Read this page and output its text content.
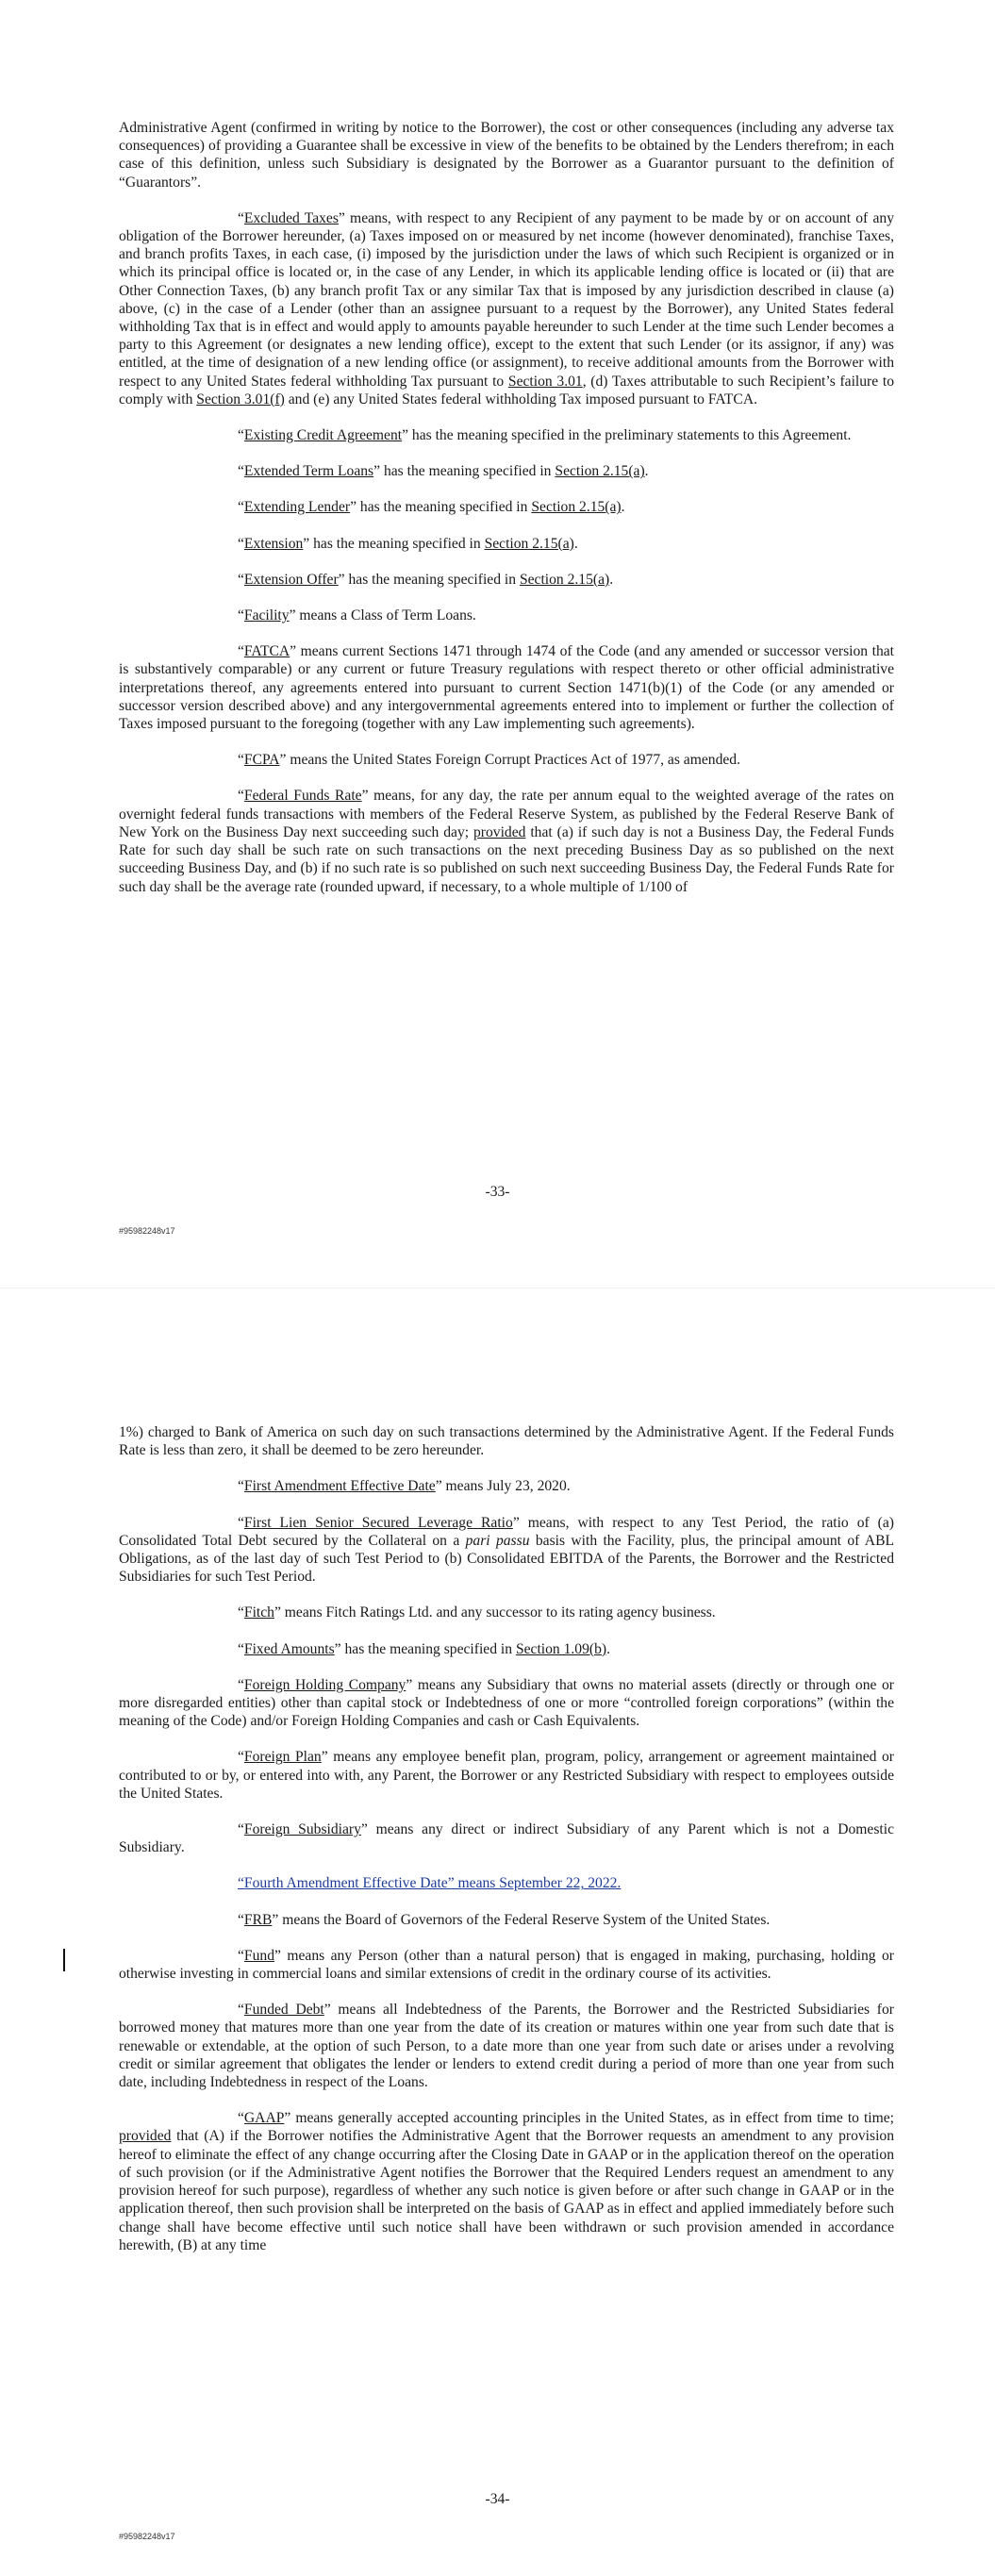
Administrative Agent (confirmed in writing by notice to the Borrower), the cost or other consequences (including any adverse tax consequences) of providing a Guarantee shall be excessive in view of the benefits to be obtained by the Lenders therefrom; in each case of this definition, unless such Subsidiary is designated by the Borrower as a Guarantor pursuant to the definition of “Guarantors”.

“Excluded Taxes” means, with respect to any Recipient of any payment to be made by or on account of any obligation of the Borrower hereunder, (a) Taxes imposed on or measured by net income (however denominated), franchise Taxes, and branch profits Taxes, in each case, (i) imposed by the jurisdiction under the laws of which such Recipient is organized or in which its principal office is located or, in the case of any Lender, in which its applicable lending office is located or (ii) that are Other Connection Taxes, (b) any branch profit Tax or any similar Tax that is imposed by any jurisdiction described in clause (a) above, (c) in the case of a Lender (other than an assignee pursuant to a request by the Borrower), any United States federal withholding Tax that is in effect and would apply to amounts payable hereunder to such Lender at the time such Lender becomes a party to this Agreement (or designates a new lending office), except to the extent that such Lender (or its assignor, if any) was entitled, at the time of designation of a new lending office (or assignment), to receive additional amounts from the Borrower with respect to any United States federal withholding Tax pursuant to Section 3.01, (d) Taxes attributable to such Recipient’s failure to comply with Section 3.01(f) and (e) any United States federal withholding Tax imposed pursuant to FATCA.

“Existing Credit Agreement” has the meaning specified in the preliminary statements to this Agreement.

“Extended Term Loans” has the meaning specified in Section 2.15(a).

“Extending Lender” has the meaning specified in Section 2.15(a).

“Extension” has the meaning specified in Section 2.15(a).

“Extension Offer” has the meaning specified in Section 2.15(a).

“Facility” means a Class of Term Loans.

“FATCA” means current Sections 1471 through 1474 of the Code (and any amended or successor version that is substantively comparable) or any current or future Treasury regulations with respect thereto or other official administrative interpretations thereof, any agreements entered into pursuant to current Section 1471(b)(1) of the Code (or any amended or successor version described above) and any intergovernmental agreements entered into to implement or further the collection of Taxes imposed pursuant to the foregoing (together with any Law implementing such agreements).

“FCPA” means the United States Foreign Corrupt Practices Act of 1977, as amended.

“Federal Funds Rate” means, for any day, the rate per annum equal to the weighted average of the rates on overnight federal funds transactions with members of the Federal Reserve System, as published by the Federal Reserve Bank of New York on the Business Day next succeeding such day; provided that (a) if such day is not a Business Day, the Federal Funds Rate for such day shall be such rate on such transactions on the next preceding Business Day as so published on the next succeeding Business Day, and (b) if no such rate is so published on such next succeeding Business Day, the Federal Funds Rate for such day shall be the average rate (rounded upward, if necessary, to a whole multiple of 1/100 of

-33-
#95982248v17

1%) charged to Bank of America on such day on such transactions determined by the Administrative Agent. If the Federal Funds Rate is less than zero, it shall be deemed to be zero hereunder.

“First Amendment Effective Date” means July 23, 2020.

“First Lien Senior Secured Leverage Ratio” means, with respect to any Test Period, the ratio of (a) Consolidated Total Debt secured by the Collateral on a pari passu basis with the Facility, plus, the principal amount of ABL Obligations, as of the last day of such Test Period to (b) Consolidated EBITDA of the Parents, the Borrower and the Restricted Subsidiaries for such Test Period.

“Fitch” means Fitch Ratings Ltd. and any successor to its rating agency business.

“Fixed Amounts” has the meaning specified in Section 1.09(b).

“Foreign Holding Company” means any Subsidiary that owns no material assets (directly or through one or more disregarded entities) other than capital stock or Indebtedness of one or more “controlled foreign corporations” (within the meaning of the Code) and/or Foreign Holding Companies and cash or Cash Equivalents.

“Foreign Plan” means any employee benefit plan, program, policy, arrangement or agreement maintained or contributed to or by, or entered into with, any Parent, the Borrower or any Restricted Subsidiary with respect to employees outside the United States.

“Foreign Subsidiary” means any direct or indirect Subsidiary of any Parent which is not a Domestic Subsidiary.

“Fourth Amendment Effective Date” means September 22, 2022.

“FRB” means the Board of Governors of the Federal Reserve System of the United States.

“Fund” means any Person (other than a natural person) that is engaged in making, purchasing, holding or otherwise investing in commercial loans and similar extensions of credit in the ordinary course of its activities.

“Funded Debt” means all Indebtedness of the Parents, the Borrower and the Restricted Subsidiaries for borrowed money that matures more than one year from the date of its creation or matures within one year from such date that is renewable or extendable, at the option of such Person, to a date more than one year from such date or arises under a revolving credit or similar agreement that obligates the lender or lenders to extend credit during a period of more than one year from such date, including Indebtedness in respect of the Loans.

“GAAP” means generally accepted accounting principles in the United States, as in effect from time to time; provided that (A) if the Borrower notifies the Administrative Agent that the Borrower requests an amendment to any provision hereof to eliminate the effect of any change occurring after the Closing Date in GAAP or in the application thereof on the operation of such provision (or if the Administrative Agent notifies the Borrower that the Required Lenders request an amendment to any provision hereof for such purpose), regardless of whether any such notice is given before or after such change in GAAP or in the application thereof, then such provision shall be interpreted on the basis of GAAP as in effect and applied immediately before such change shall have become effective until such notice shall have been withdrawn or such provision amended in accordance herewith, (B) at any time

-34-
#95982248v17
